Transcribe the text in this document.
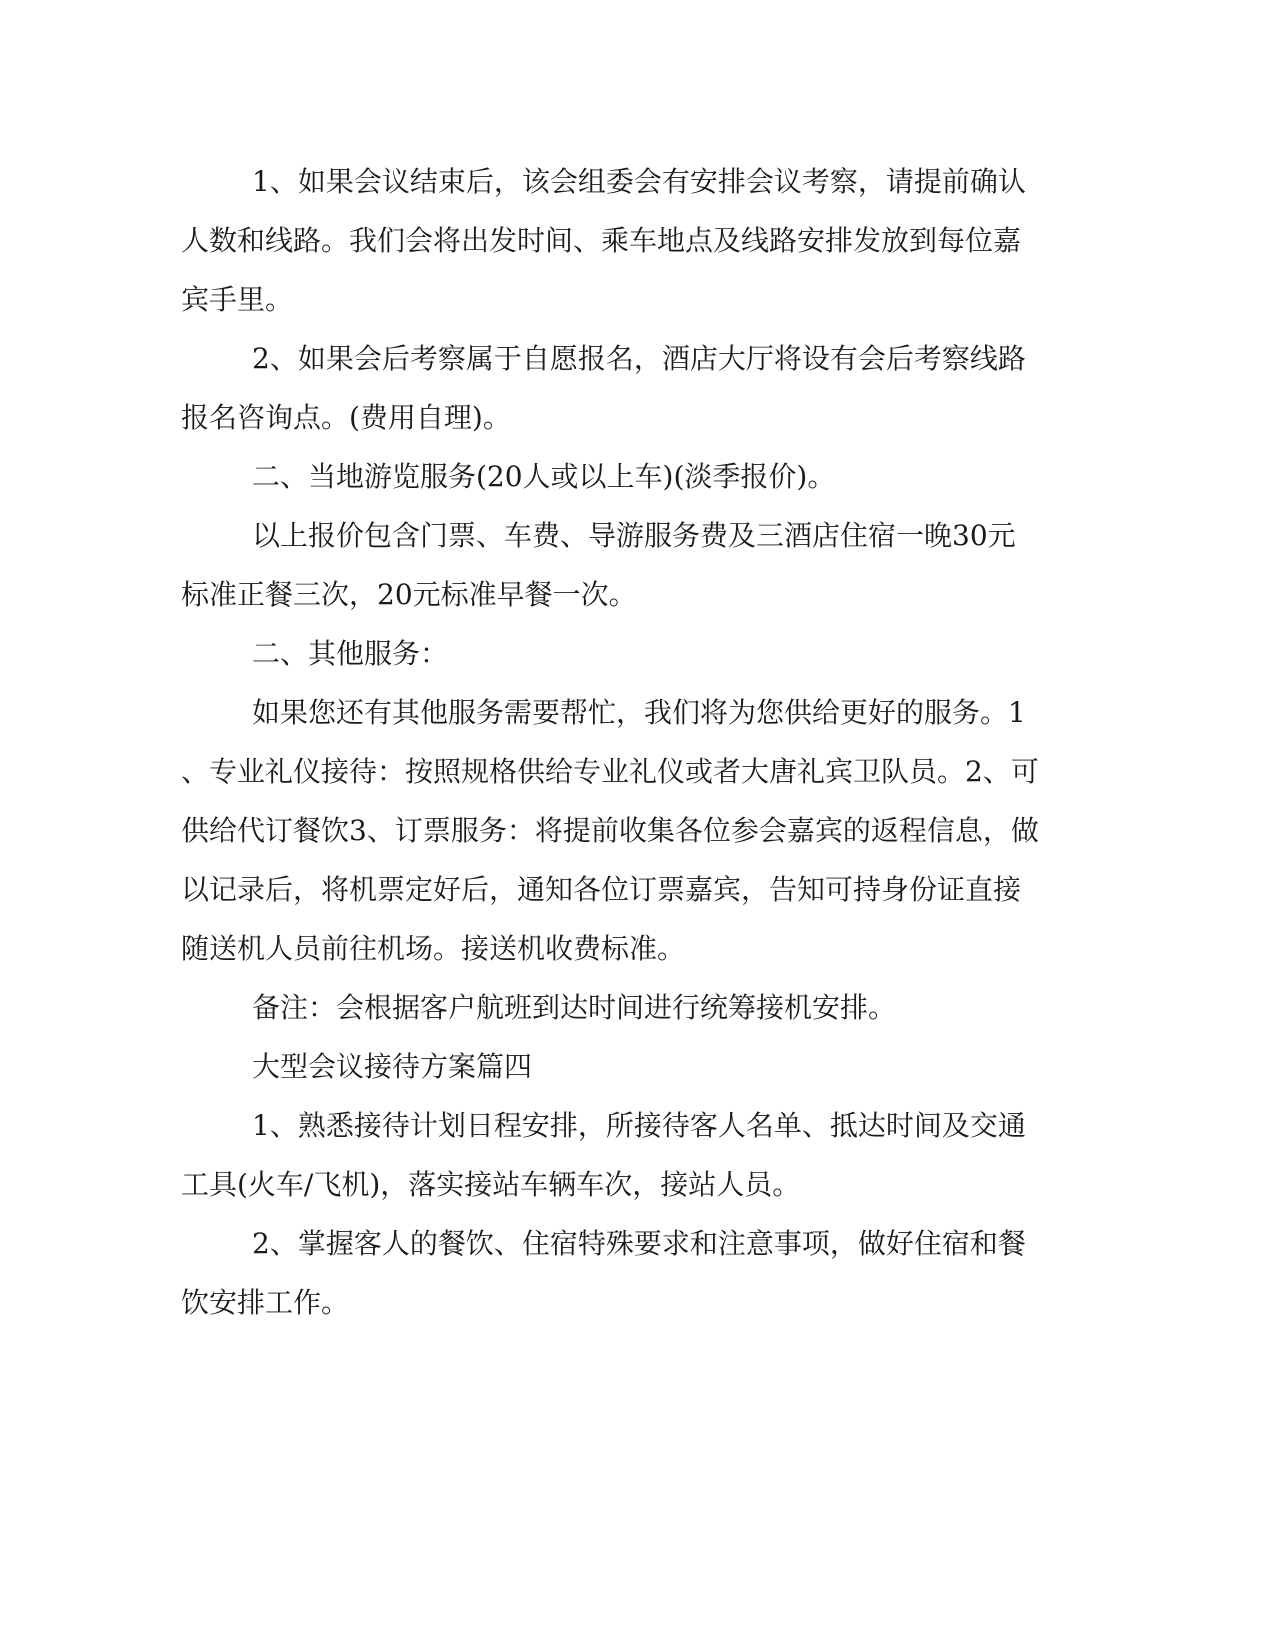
1、如果会议结束后，该会组委会有安排会议考察，请提前确认
人数和线路。我们会将出发时间、乘车地点及线路安排发放到每位嘉
宾手里。
2、如果会后考察属于自愿报名，酒店大厅将设有会后考察线路
报名咨询点。(费用自理)。
二、当地游览服务(20人或以上车)(淡季报价)。
以上报价包含门票、车费、导游服务费及三酒店住宿一晚30元
标准正餐三次，20元标准早餐一次。
二、其他服务：
如果您还有其他服务需要帮忙，我们将为您供给更好的服务。1
、专业礼仪接待：按照规格供给专业礼仪或者大唐礼宾卫队员。2、可
供给代订餐饮3、订票服务：将提前收集各位参会嘉宾的返程信息，做
以记录后，将机票定好后，通知各位订票嘉宾，告知可持身份证直接
随送机人员前往机场。接送机收费标准。
备注：会根据客户航班到达时间进行统筹接机安排。
大型会议接待方案篇四
1、熟悉接待计划日程安排，所接待客人名单、抵达时间及交通
工具(火车/飞机)，落实接站车辆车次，接站人员。
2、掌握客人的餐饮、住宿特殊要求和注意事项，做好住宿和餐
饮安排工作。
